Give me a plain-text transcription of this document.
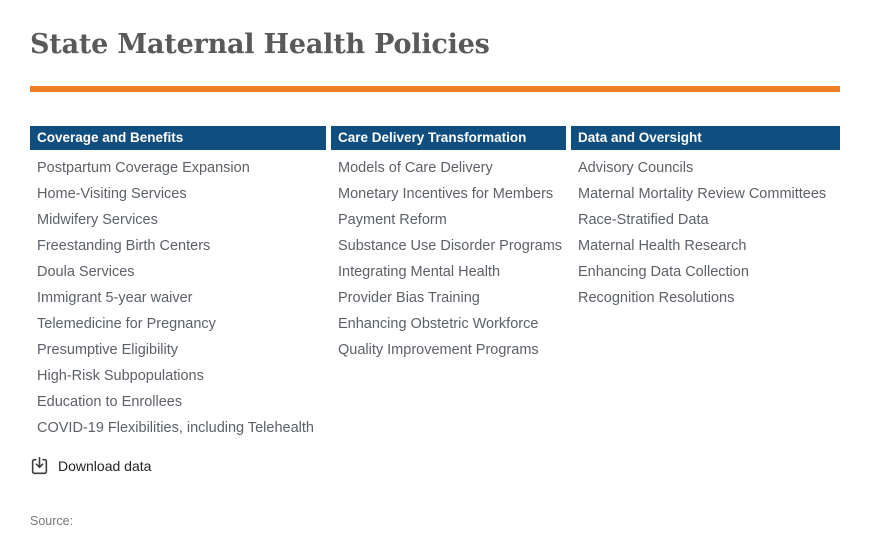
State Maternal Health Policies
Coverage and Benefits
Postpartum Coverage Expansion
Home-Visiting Services
Midwifery Services
Freestanding Birth Centers
Doula Services
Immigrant 5-year waiver
Telemedicine for Pregnancy
Presumptive Eligibility
High-Risk Subpopulations
Education to Enrollees
COVID-19 Flexibilities, including Telehealth
Care Delivery Transformation
Models of Care Delivery
Monetary Incentives for Members
Payment Reform
Substance Use Disorder Programs
Integrating Mental Health
Provider Bias Training
Enhancing Obstetric Workforce
Quality Improvement Programs
Data and Oversight
Advisory Councils
Maternal Mortality Review Committees
Race-Stratified Data
Maternal Health Research
Enhancing Data Collection
Recognition Resolutions
Download data
Source:
